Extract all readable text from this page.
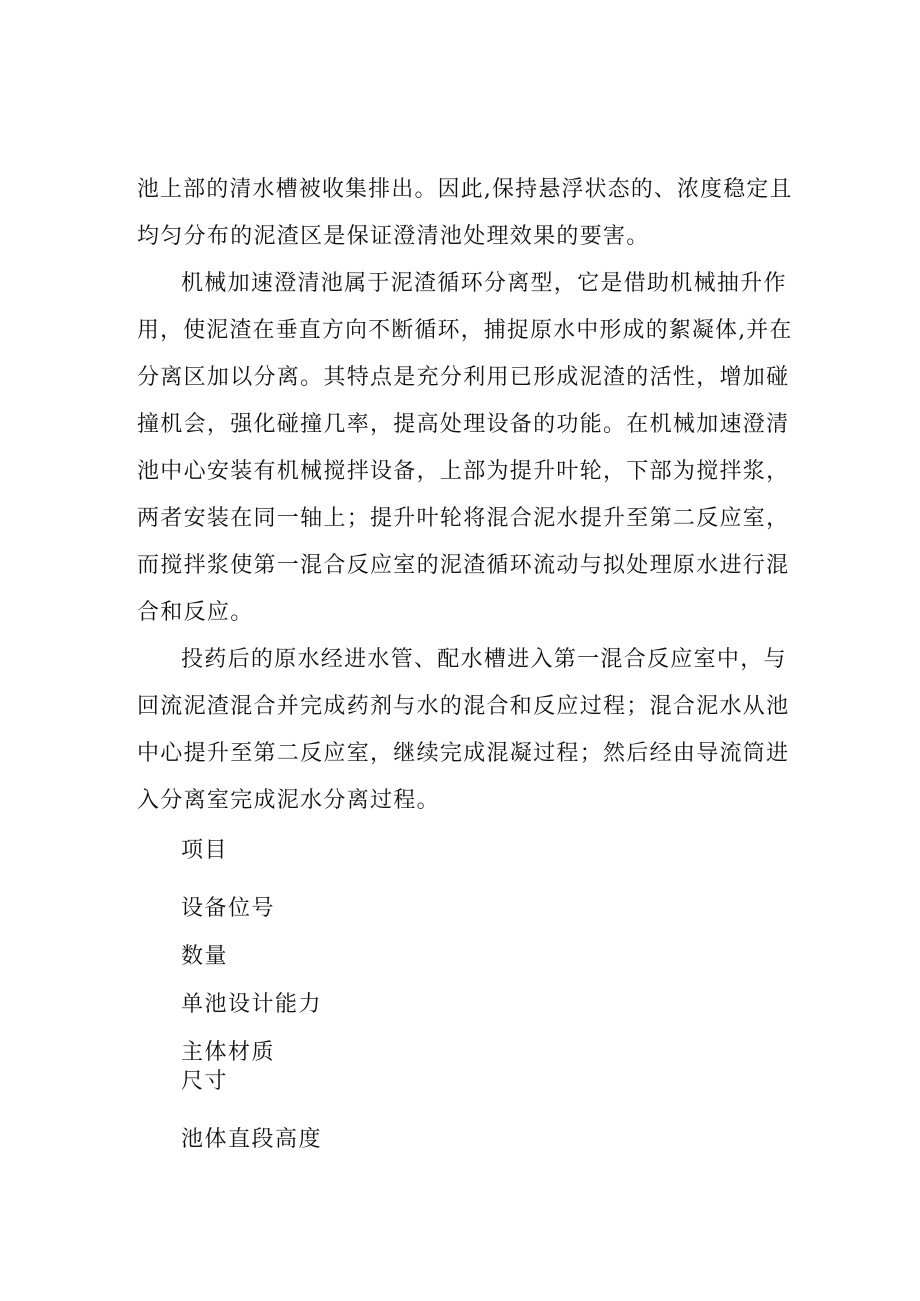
池上部的清水槽被收集排出。因此,保持悬浮状态的、浓度稳定且
均匀分布的泥渣区是保证澄清池处理效果的要害。

机械加速澄清池属于泥渣循环分离型，它是借助机械抽升作
用，使泥渣在垂直方向不断循环，捕捉原水中形成的絮凝体,并在
分离区加以分离。其特点是充分利用已形成泥渣的活性，增加碰
撞机会，强化碰撞几率，提高处理设备的功能。在机械加速澄清
池中心安装有机械搅拌设备，上部为提升叶轮，下部为搅拌浆，
两者安装在同一轴上；提升叶轮将混合泥水提升至第二反应室，
而搅拌浆使第一混合反应室的泥渣循环流动与拟处理原水进行混
合和反应。

投药后的原水经进水管、配水槽进入第一混合反应室中，与
回流泥渣混合并完成药剂与水的混合和反应过程；混合泥水从池
中心提升至第二反应室，继续完成混凝过程；然后经由导流筒进
入分离室完成泥水分离过程。

项目
设备位号
数量
单池设计能力
主体材质
尺寸
池体直段高度
